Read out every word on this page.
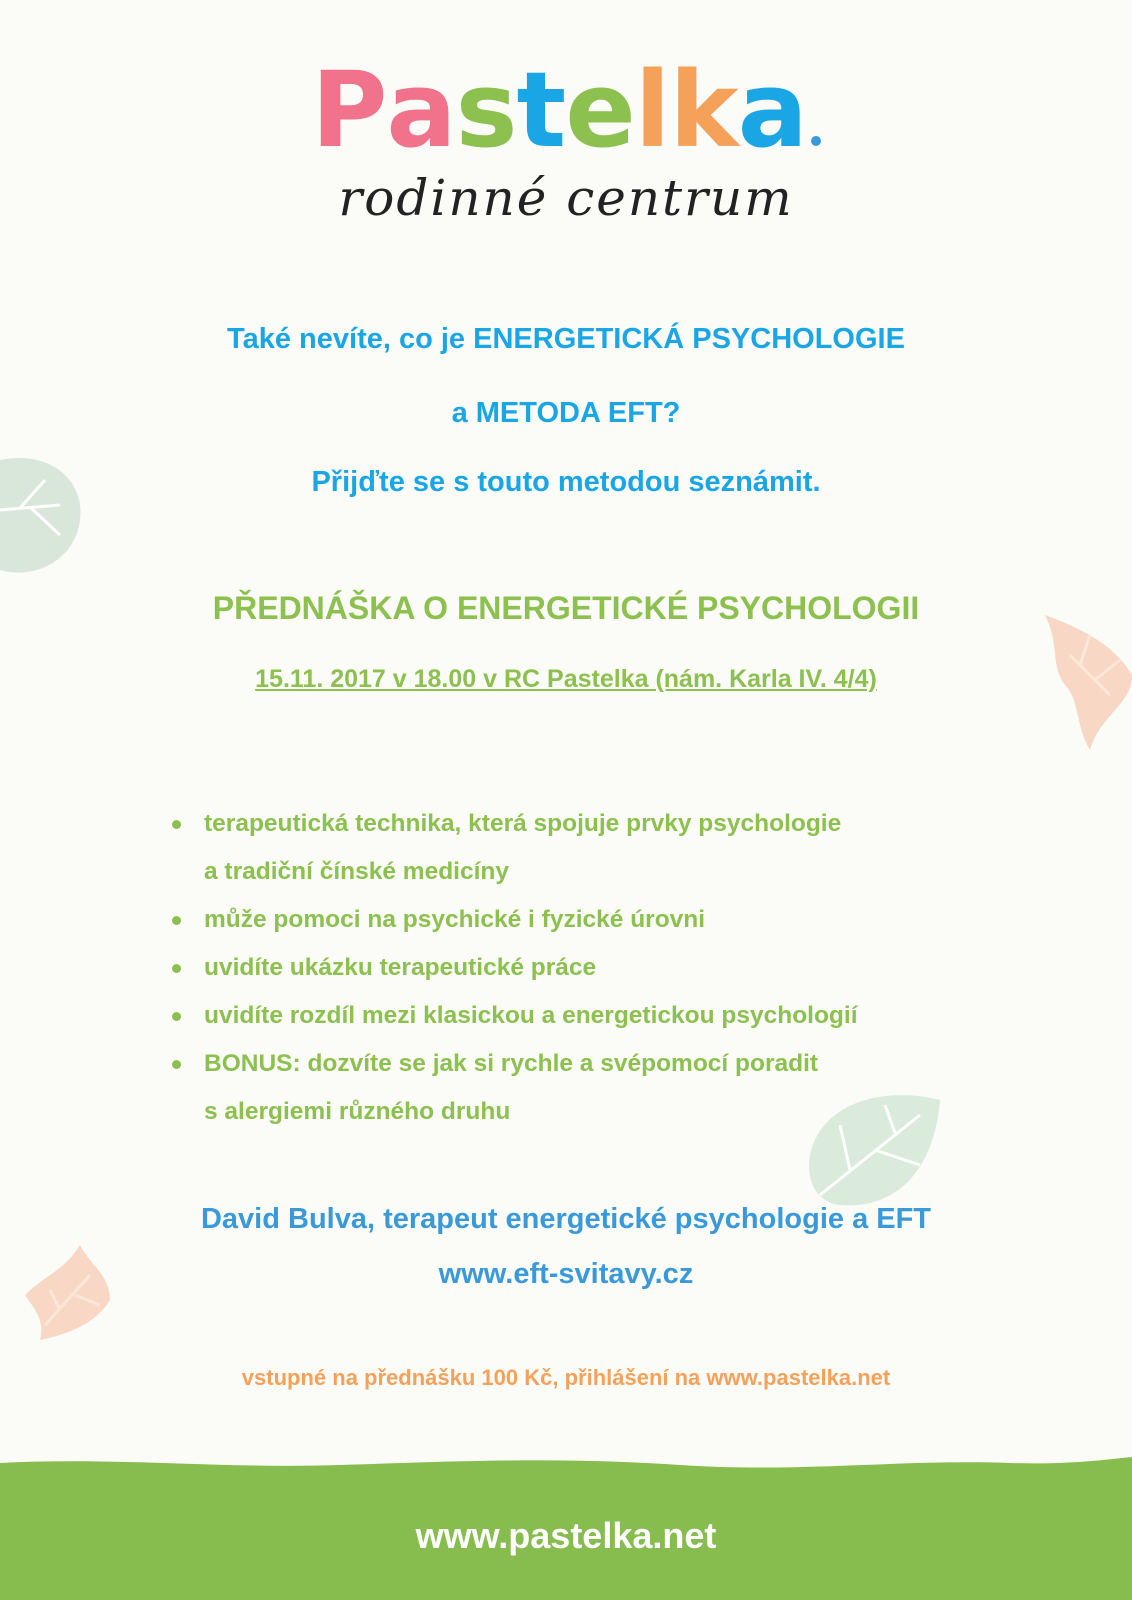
Pastelka
rodinné centrum
Také nevíte, co je ENERGETICKÁ PSYCHOLOGIE
a METODA EFT?
Přijďte se s touto metodou seznámit.
PŘEDNÁŠKA O ENERGETICKÉ PSYCHOLOGII
15.11. 2017 v 18.00 v RC Pastelka (nám. Karla IV. 4/4)
terapeutická technika, která spojuje prvky psychologie
a tradiční čínské medicíny
může pomoci na psychické i fyzické úrovni
uvidíte ukázku terapeutické práce
uvidíte rozdíl mezi klasickou a energetickou psychologií
BONUS: dozvíte se jak si rychle a svépomocí poradit
s alergiemi různého druhu
David Bulva, terapeut energetické psychologie a EFT
www.eft-svitavy.cz
vstupné na přednášku 100 Kč, přihlášení na www.pastelka.net
www.pastelka.net
